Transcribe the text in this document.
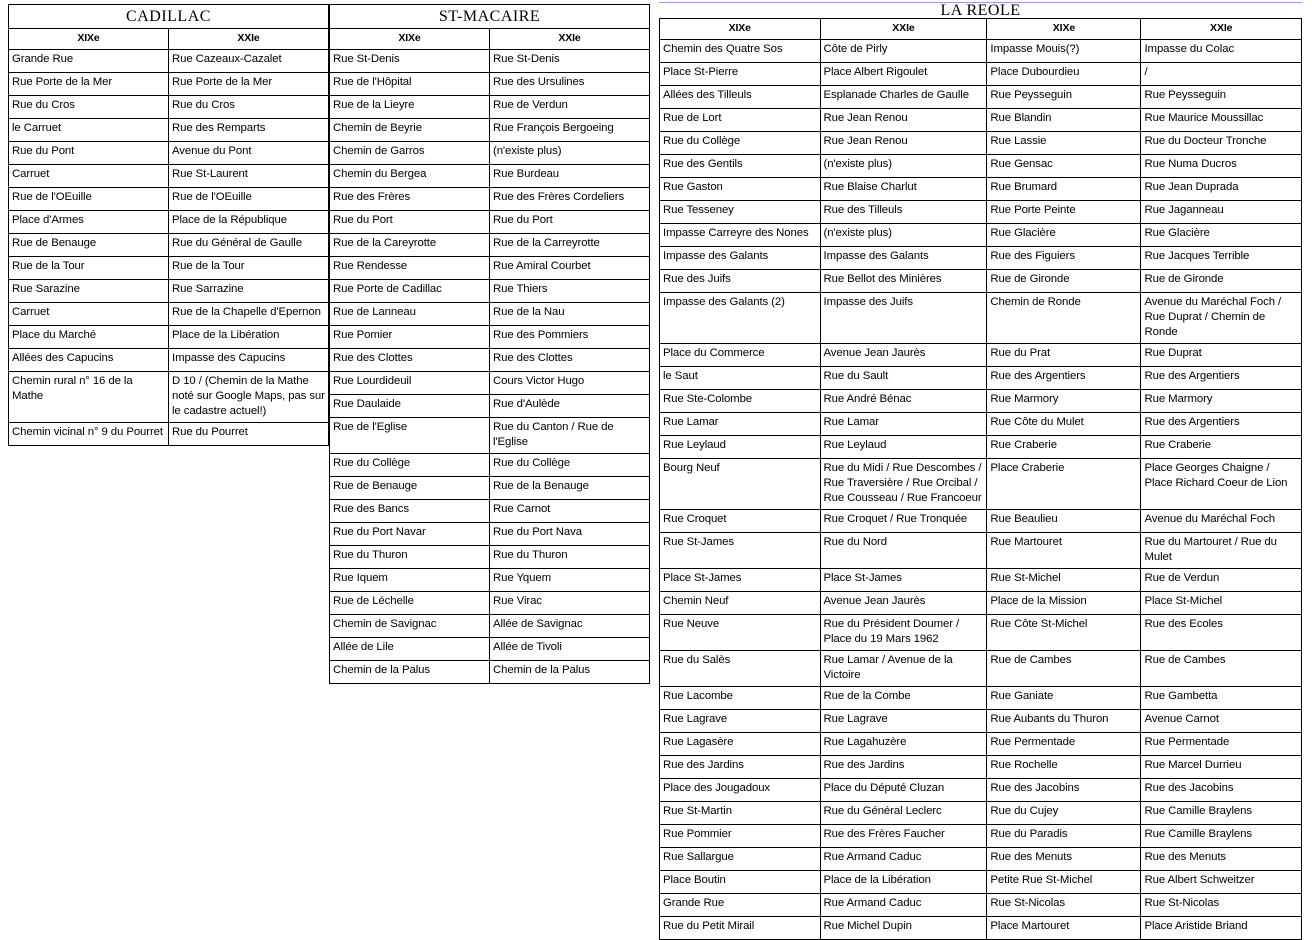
CADILLAC
XIXe	XXIe
Grande Rue	Rue Cazeaux-Cazalet
Rue Porte de la Mer	Rue Porte de la Mer
Rue du Cros	Rue du Cros
le Carruet	Rue des Remparts
Rue du Pont	Avenue du Pont
Carruet	Rue St-Laurent
Rue de l'OEuille	Rue de l'OEuille
Place d'Armes	Place de la République
Rue de Benauge	Rue du Général de Gaulle
Rue de la Tour	Rue de la Tour
Rue Sarazine	Rue Sarrazine
Carruet	Rue de la Chapelle d'Epernon
Place du Marché	Place de la Libération
Allées des Capucins	Impasse des Capucins
Chemin rural n° 16 de la Mathe	D 10 / (Chemin de la Mathe noté sur Google Maps, pas sur le cadastre actuel!)
Chemin vicinal n° 9 du Pourret	Rue du Pourret
ST-MACAIRE
XIXe	XXIe
Rue St-Denis	Rue St-Denis
Rue de l'Hôpital	Rue des Ursulines
Rue de la Lieyre	Rue de Verdun
Chemin de Beyrie	Rue François Bergoeing
Chemin de Garros	(n'existe plus)
Chemin du Bergea	Rue Burdeau
Rue des Frères	Rue des Frères Cordeliers
Rue du Port	Rue du Port
Rue de la Careyrotte	Rue de la Carreyrotte
Rue Rendesse	Rue Amiral Courbet
Rue Porte de Cadillac	Rue Thiers
Rue de Lanneau	Rue de la Nau
Rue Pomier	Rue des Pommiers
Rue des Clottes	Rue des Clottes
Rue Lourdideuil	Cours Victor Hugo
Rue Daulaide	Rue d'Aulède
Rue de l'Eglise	Rue du Canton / Rue de l'Eglise
Rue du Collège	Rue du Collège
Rue de Benauge	Rue de la Benauge
Rue des Bancs	Rue Carnot
Rue du Port Navar	Rue du Port Nava
Rue du Thuron	Rue du Thuron
Rue Iquem	Rue Yquem
Rue de Léchelle	Rue Virac
Chemin de Savignac	Allée de Savignac
Allée de Lile	Allée de Tivoli
Chemin de la Palus	Chemin de la Palus
LA REOLE
XIXe	XXIe	XIXe	XXIe
Chemin des Quatre Sos	Côte de Pirly	Impasse Mouis(?)	Impasse du Colac
Place St-Pierre	Place Albert Rigoulet	Place Dubourdieu	/
Allées des Tilleuls	Esplanade Charles de Gaulle	Rue Peysseguin	Rue Peysseguin
Rue de Lort	Rue Jean Renou	Rue Blandin	Rue Maurice Moussillac
Rue du Collège	Rue Jean Renou	Rue Lassie	Rue du Docteur Tronche
Rue des Gentils	(n'existe plus)	Rue Gensac	Rue Numa Ducros
Rue Gaston	Rue Blaise Charlut	Rue Brumard	Rue Jean Duprada
Rue Tesseney	Rue des Tilleuls	Rue Porte Peinte	Rue Jaganneau
Impasse Carreyre des Nones	(n'existe plus)	Rue Glacière	Rue Glacière
Impasse des Galants	Impasse des Galants	Rue des Figuiers	Rue Jacques Terrible
Rue des Juifs	Rue Bellot des Minières	Rue de Gironde	Rue de Gironde
Impasse des Galants (2)	Impasse des Juifs	Chemin de Ronde	Avenue du Maréchal Foch / Rue Duprat / Chemin de Ronde
Place du Commerce	Avenue Jean Jaurès	Rue du Prat	Rue Duprat
le Saut	Rue du Sault	Rue des Argentiers	Rue des Argentiers
Rue Ste-Colombe	Rue André Bénac	Rue Marmory	Rue Marmory
Rue Lamar	Rue Lamar	Rue Côte du Mulet	Rue des Argentiers
Rue Leylaud	Rue Leylaud	Rue Craberie	Rue Craberie
Bourg Neuf	Rue du Midi / Rue Descombes / Rue Traversière / Rue Orcibal / Rue Cousseau / Rue Francoeur	Place Craberie	Place Georges Chaigne / Place Richard Coeur de Lion
Rue Croquet	Rue Croquet / Rue Tronquée	Rue Beaulieu	Avenue du Maréchal Foch
Rue St-James	Rue du Nord	Rue Martouret	Rue du Martouret / Rue du Mulet
Place St-James	Place St-James	Rue St-Michel	Rue de Verdun
Chemin Neuf	Avenue Jean Jaurès	Place de la Mission	Place St-Michel
Rue Neuve	Rue du Président Doumer / Place du 19 Mars 1962	Rue Côte St-Michel	Rue des Ecoles
Rue du Salès	Rue Lamar / Avenue de la Victoire	Rue de Cambes	Rue de Cambes
Rue Lacombe	Rue de la Combe	Rue Ganiate	Rue Gambetta
Rue Lagrave	Rue Lagrave	Rue Aubants du Thuron	Avenue Carnot
Rue Lagasère	Rue Lagahuzère	Rue Permentade	Rue Permentade
Rue des Jardins	Rue des Jardins	Rue Rochelle	Rue Marcel Durrieu
Place des Jougadoux	Place du Député Cluzan	Rue des Jacobins	Rue des Jacobins
Rue St-Martin	Rue du Général Leclerc	Rue du Cujey	Rue Camille Braylens
Rue Pommier	Rue des Frères Faucher	Rue du Paradis	Rue Camille Braylens
Rue Sallargue	Rue Armand Caduc	Rue des Menuts	Rue des Menuts
Place Boutin	Place de la Libération	Petite Rue St-Michel	Rue Albert Schweitzer
Grande Rue	Rue Armand Caduc	Rue St-Nicolas	Rue St-Nicolas
Rue du Petit Mirail	Rue Michel Dupin	Place Martouret	Place Aristide Briand
